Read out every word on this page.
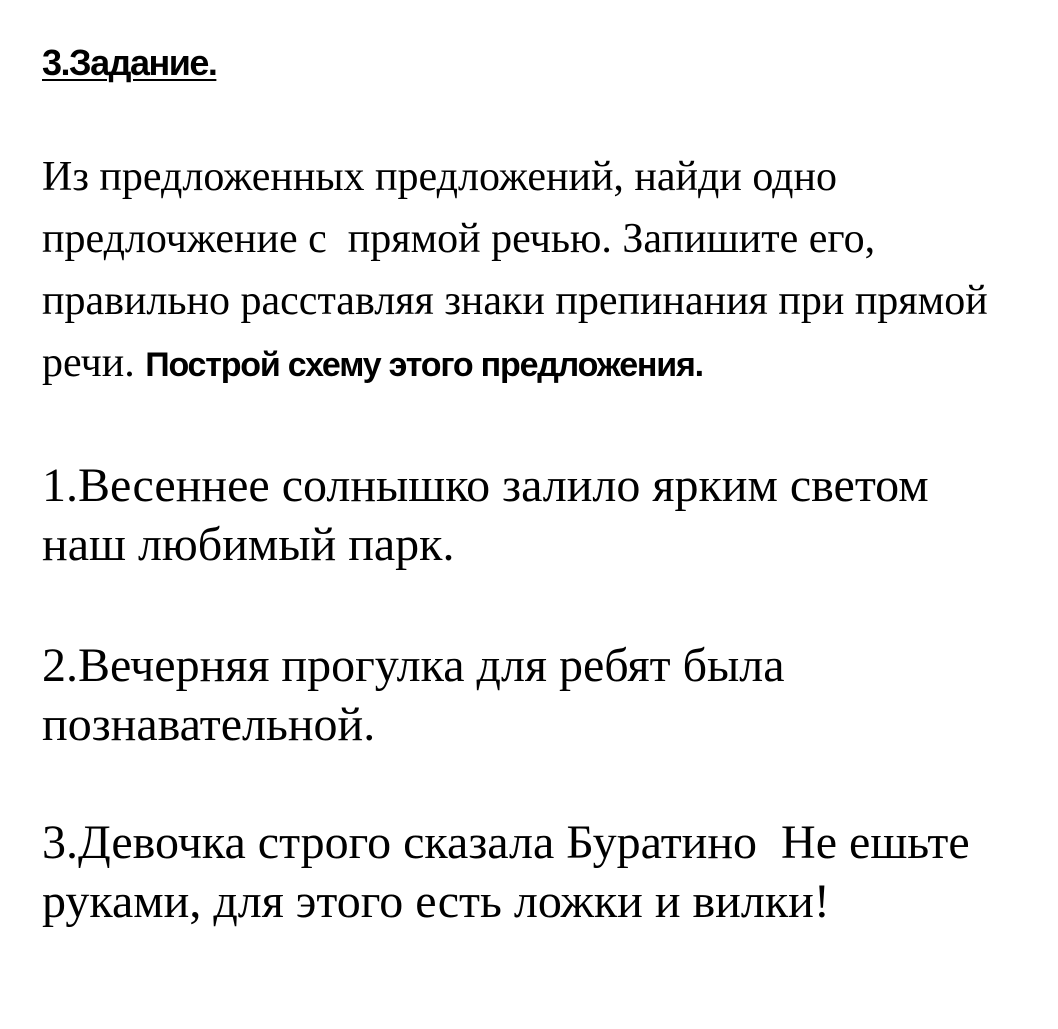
3.Задание.
Из предложенных предложений, найди одно предлочжение с  прямой речью. Запишите его, правильно расставляя знаки препинания при прямой речи. Построй схему этого предложения.
1.Весеннее солнышко залило ярким светом наш любимый парк.
2.Вечерняя прогулка для ребят была познавательной.
3.Девочка строго сказала Буратино  Не ешьте руками, для этого есть ложки и вилки!
